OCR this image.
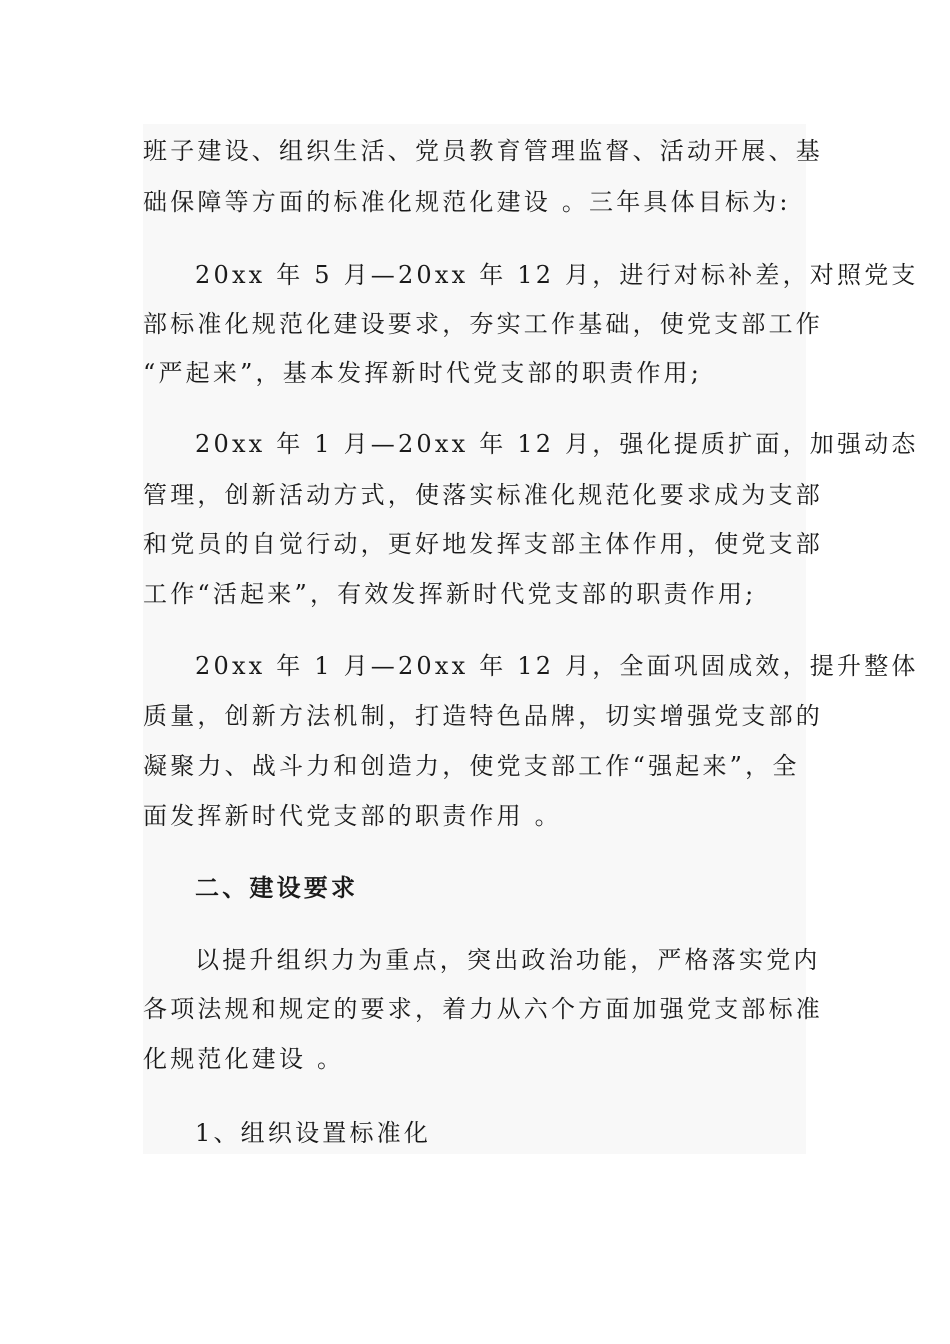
班子建设、组织生活、党员教育管理监督、活动开展、基
础保障等方面的标准化规范化建设 。三年具体目标为:
20xx 年 5 月—20xx 年 12 月，进行对标补差，对照党支
部标准化规范化建设要求，夯实工作基础，使党支部工作
“严起来”，基本发挥新时代党支部的职责作用;
20xx 年 1 月—20xx 年 12 月，强化提质扩面，加强动态
管理，创新活动方式，使落实标准化规范化要求成为支部
和党员的自觉行动，更好地发挥支部主体作用，使党支部
工作“活起来”，有效发挥新时代党支部的职责作用;
20xx 年 1 月—20xx 年 12 月，全面巩固成效，提升整体
质量，创新方法机制，打造特色品牌，切实增强党支部的
凝聚力、战斗力和创造力，使党支部工作“强起来”，全
面发挥新时代党支部的职责作用 。
二、建设要求
以提升组织力为重点，突出政治功能，严格落实党内
各项法规和规定的要求，着力从六个方面加强党支部标准
化规范化建设 。
1、组织设置标准化
